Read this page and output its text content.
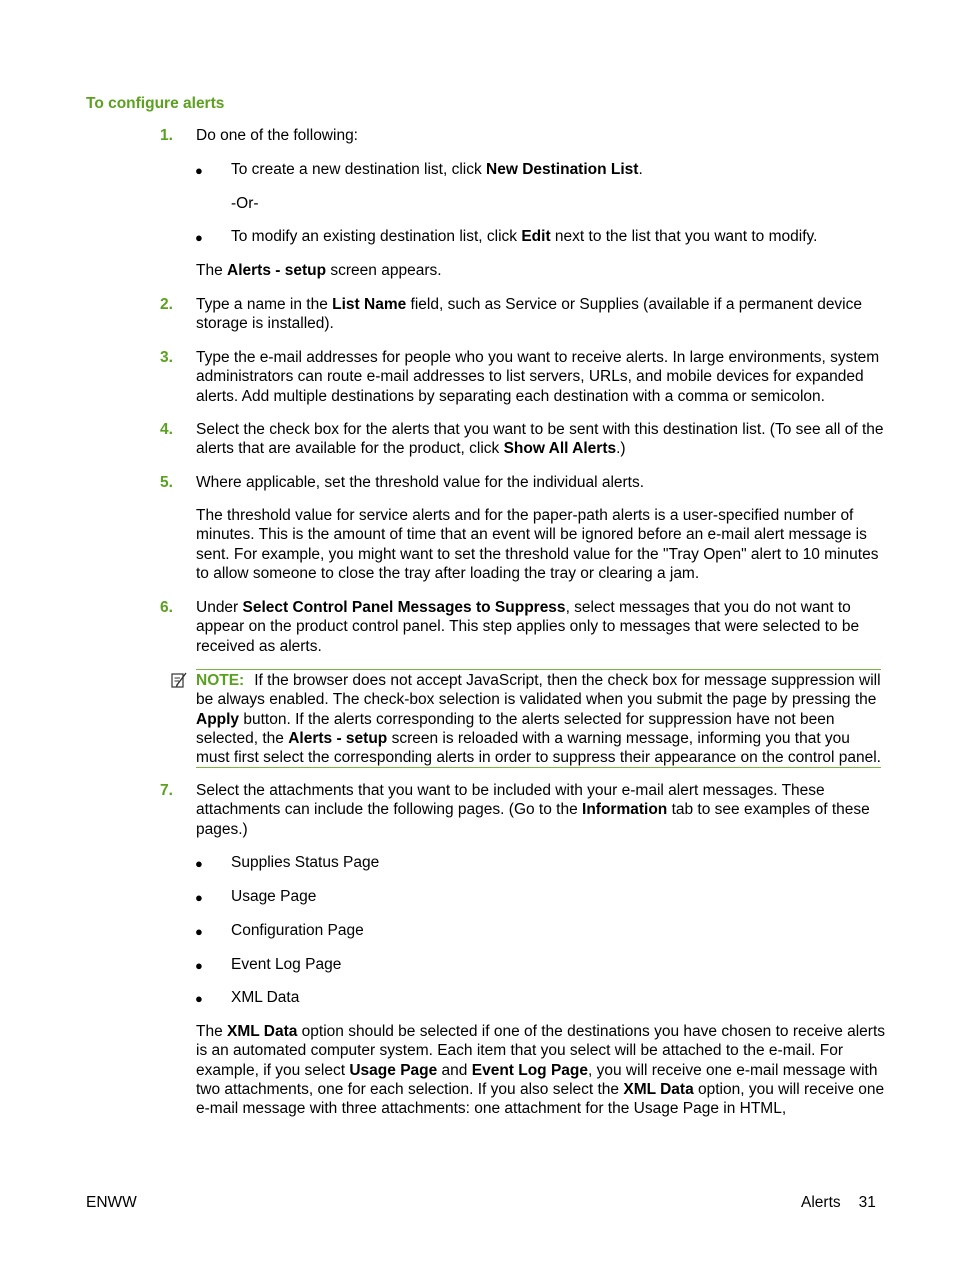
To configure alerts
1.	Do one of the following:
● To create a new destination list, click New Destination List.
-Or-
● To modify an existing destination list, click Edit next to the list that you want to modify.
The Alerts - setup screen appears.
2.	Type a name in the List Name field, such as Service or Supplies (available if a permanent device storage is installed).
3.	Type the e-mail addresses for people who you want to receive alerts. In large environments, system administrators can route e-mail addresses to list servers, URLs, and mobile devices for expanded alerts. Add multiple destinations by separating each destination with a comma or semicolon.
4.	Select the check box for the alerts that you want to be sent with this destination list. (To see all of the alerts that are available for the product, click Show All Alerts.)
5.	Where applicable, set the threshold value for the individual alerts.
The threshold value for service alerts and for the paper-path alerts is a user-specified number of minutes. This is the amount of time that an event will be ignored before an e-mail alert message is sent. For example, you might want to set the threshold value for the "Tray Open" alert to 10 minutes to allow someone to close the tray after loading the tray or clearing a jam.
6.	Under Select Control Panel Messages to Suppress, select messages that you do not want to appear on the product control panel. This step applies only to messages that were selected to be received as alerts.
NOTE: If the browser does not accept JavaScript, then the check box for message suppression will be always enabled. The check-box selection is validated when you submit the page by pressing the Apply button. If the alerts corresponding to the alerts selected for suppression have not been selected, the Alerts - setup screen is reloaded with a warning message, informing you that you must first select the corresponding alerts in order to suppress their appearance on the control panel.
7.	Select the attachments that you want to be included with your e-mail alert messages. These attachments can include the following pages. (Go to the Information tab to see examples of these pages.)
● Supplies Status Page
● Usage Page
● Configuration Page
● Event Log Page
● XML Data
The XML Data option should be selected if one of the destinations you have chosen to receive alerts is an automated computer system. Each item that you select will be attached to the e-mail. For example, if you select Usage Page and Event Log Page, you will receive one e-mail message with two attachments, one for each selection. If you also select the XML Data option, you will receive one e-mail message with three attachments: one attachment for the Usage Page in HTML,
ENWW	Alerts 31
